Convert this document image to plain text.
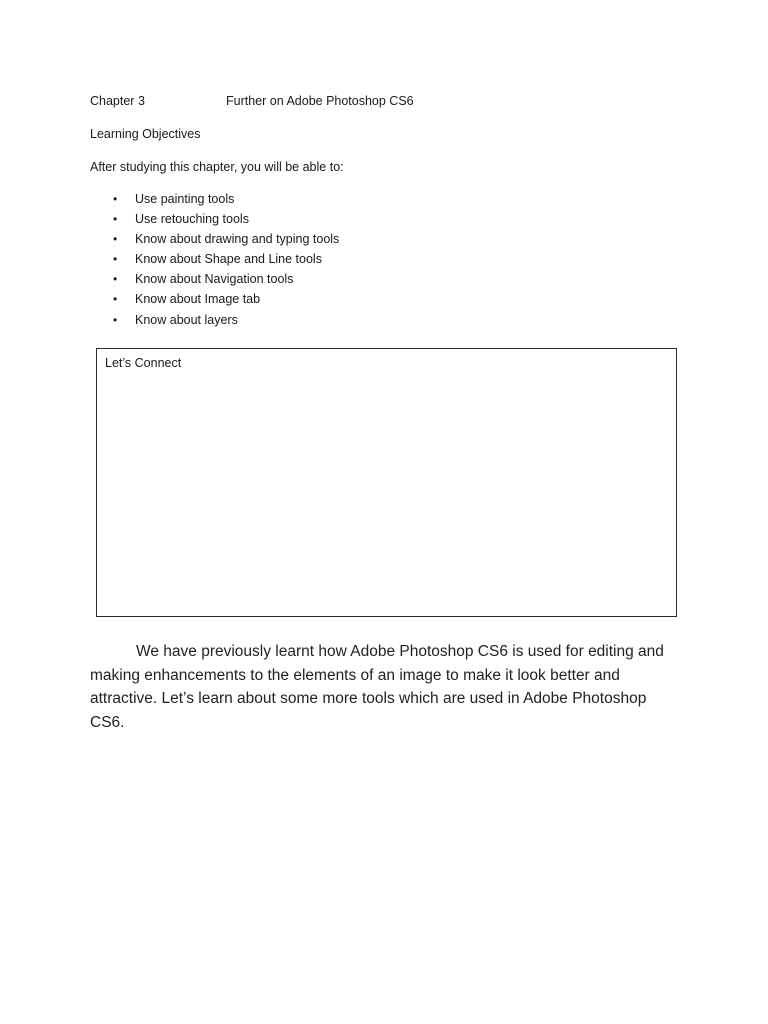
Chapter 3	Further on Adobe Photoshop CS6
Learning Objectives
After studying this chapter, you will be able to:
• Use painting tools
• Use retouching tools
• Know about drawing and typing tools
• Know about Shape and Line tools
• Know about Navigation tools
• Know about Image tab
• Know about layers
Let’s Connect

We have previously learnt how Adobe Photoshop CS6 is used for editing and making enhancements to the elements of an image to make it look better and attractive. Let’s learn about some more tools which are used in Adobe Photoshop CS6.
